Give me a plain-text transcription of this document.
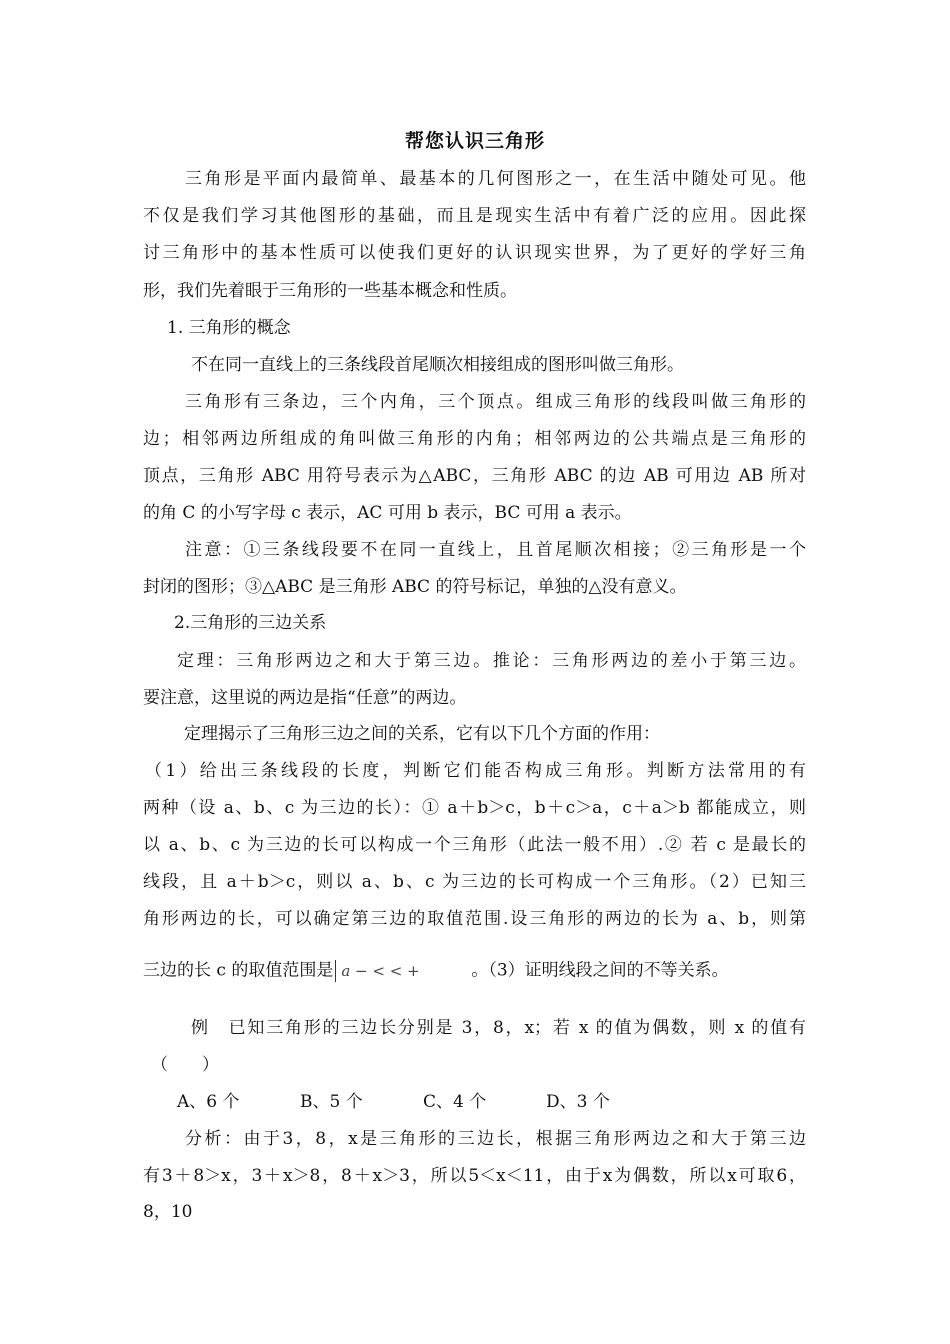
帮您认识三角形
三角形是平面内最简单、最基本的几何图形之一，在生活中随处可见。他
不仅是我们学习其他图形的基础，而且是现实生活中有着广泛的应用。因此探
讨三角形中的基本性质可以使我们更好的认识现实世界，为了更好的学好三角
形，我们先着眼于三角形的一些基本概念和性质。
1. 三角形的概念
不在同一直线上的三条线段首尾顺次相接组成的图形叫做三角形。
三角形有三条边，三个内角，三个顶点。组成三角形的线段叫做三角形的
边；相邻两边所组成的角叫做三角形的内角；相邻两边的公共端点是三角形的
顶点，三角形 ABC 用符号表示为△ABC，三角形 ABC 的边 AB 可用边 AB 所对
的角 C 的小写字母 c 表示，AC 可用 b 表示，BC 可用 a 表示。
注意：①三条线段要不在同一直线上，且首尾顺次相接；②三角形是一个
封闭的图形；③△ABC 是三角形 ABC 的符号标记，单独的△没有意义。
2.三角形的三边关系
定理：三角形两边之和大于第三边。推论：三角形两边的差小于第三边。
要注意，这里说的两边是指“任意”的两边。
定理揭示了三角形三边之间的关系，它有以下几个方面的作用：
（1）给出三条线段的长度，判断它们能否构成三角形。判断方法常用的有
两种（设 a、b、c 为三边的长）：① a＋b＞c，b＋c＞a，c＋a＞b 都能成立，则
以 a、b、c 为三边的长可以构成一个三角形（此法一般不用）.② 若 c 是最长的
线段，且 a＋b＞c，则以 a、b、c 为三边的长可构成一个三角形。（2）已知三
角形两边的长，可以确定第三边的取值范围.设三角形的两边的长为 a、b，则第
三边的长 c 的取值范围是 a − < < +	。（3）证明线段之间的不等关系。
例　已知三角形的三边长分别是 3，8，x；若 x 的值为偶数，则 x 的值有
（　　）
A、6 个	B、5 个	C、4 个	D、3 个
分析：由于3，8，x是三角形的三边长，根据三角形两边之和大于第三边
有3＋8＞x，3＋x＞8，8＋x＞3，所以5＜x＜11，由于x为偶数，所以x可取6，
8，10
